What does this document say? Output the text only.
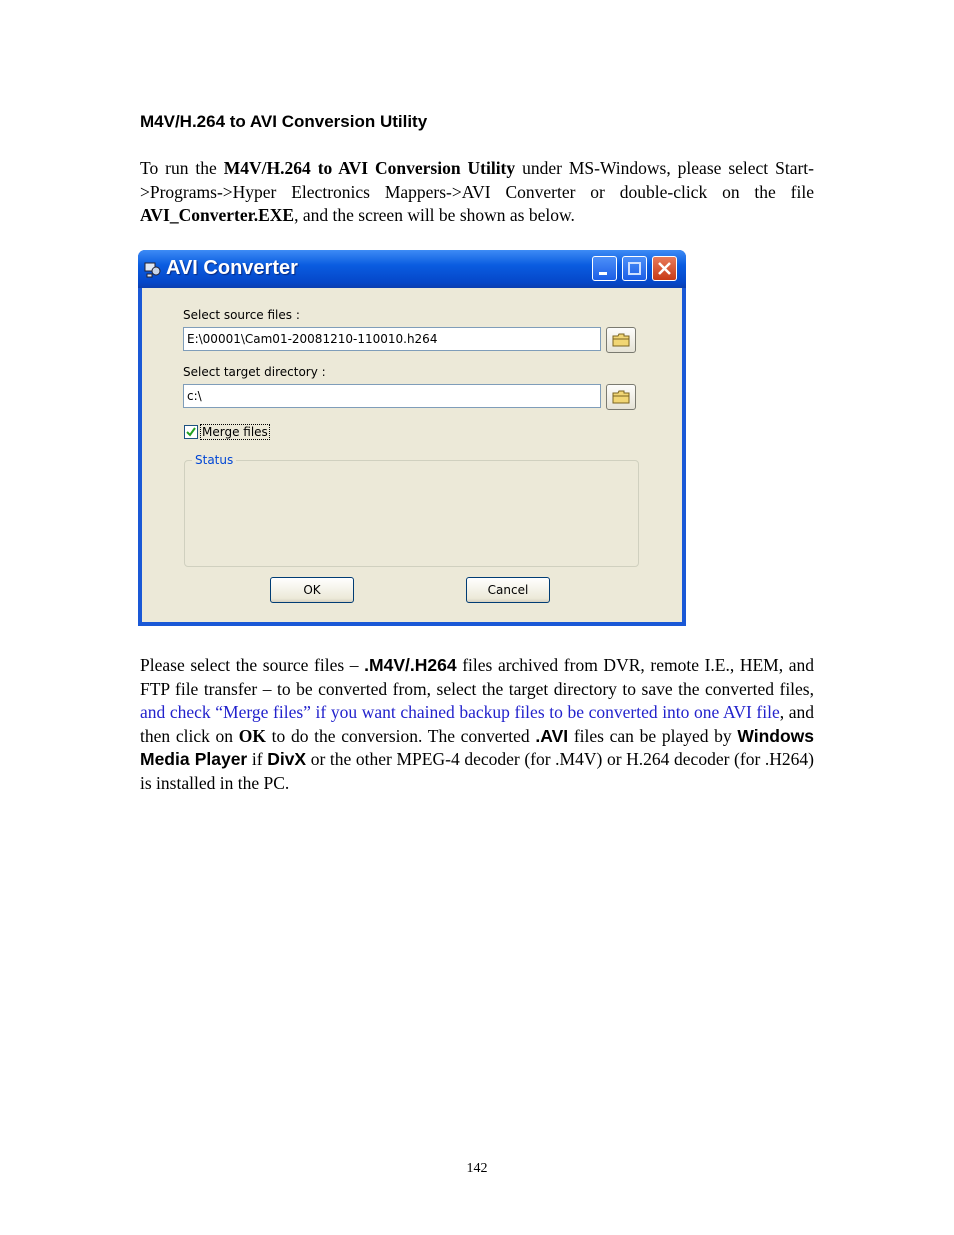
M4V/H.264 to AVI Conversion Utility

To run the M4V/H.264 to AVI Conversion Utility under MS-Windows, please select Start->Programs->Hyper Electronics Mappers->AVI Converter or double-click on the file AVI_Converter.EXE, and the screen will be shown as below.

AVI Converter
Select source files :
E:\00001\Cam01-20081210-110010.h264
Select target directory :
c:\
Merge files
Status
OK	Cancel

Please select the source files – .M4V/.H264 files archived from DVR, remote I.E., HEM, and FTP file transfer – to be converted from, select the target directory to save the converted files, and check “Merge files” if you want chained backup files to be converted into one AVI file, and then click on OK to do the conversion. The converted .AVI files can be played by Windows Media Player if DivX or the other MPEG-4 decoder (for .M4V) or H.264 decoder (for .H264) is installed in the PC.

142
